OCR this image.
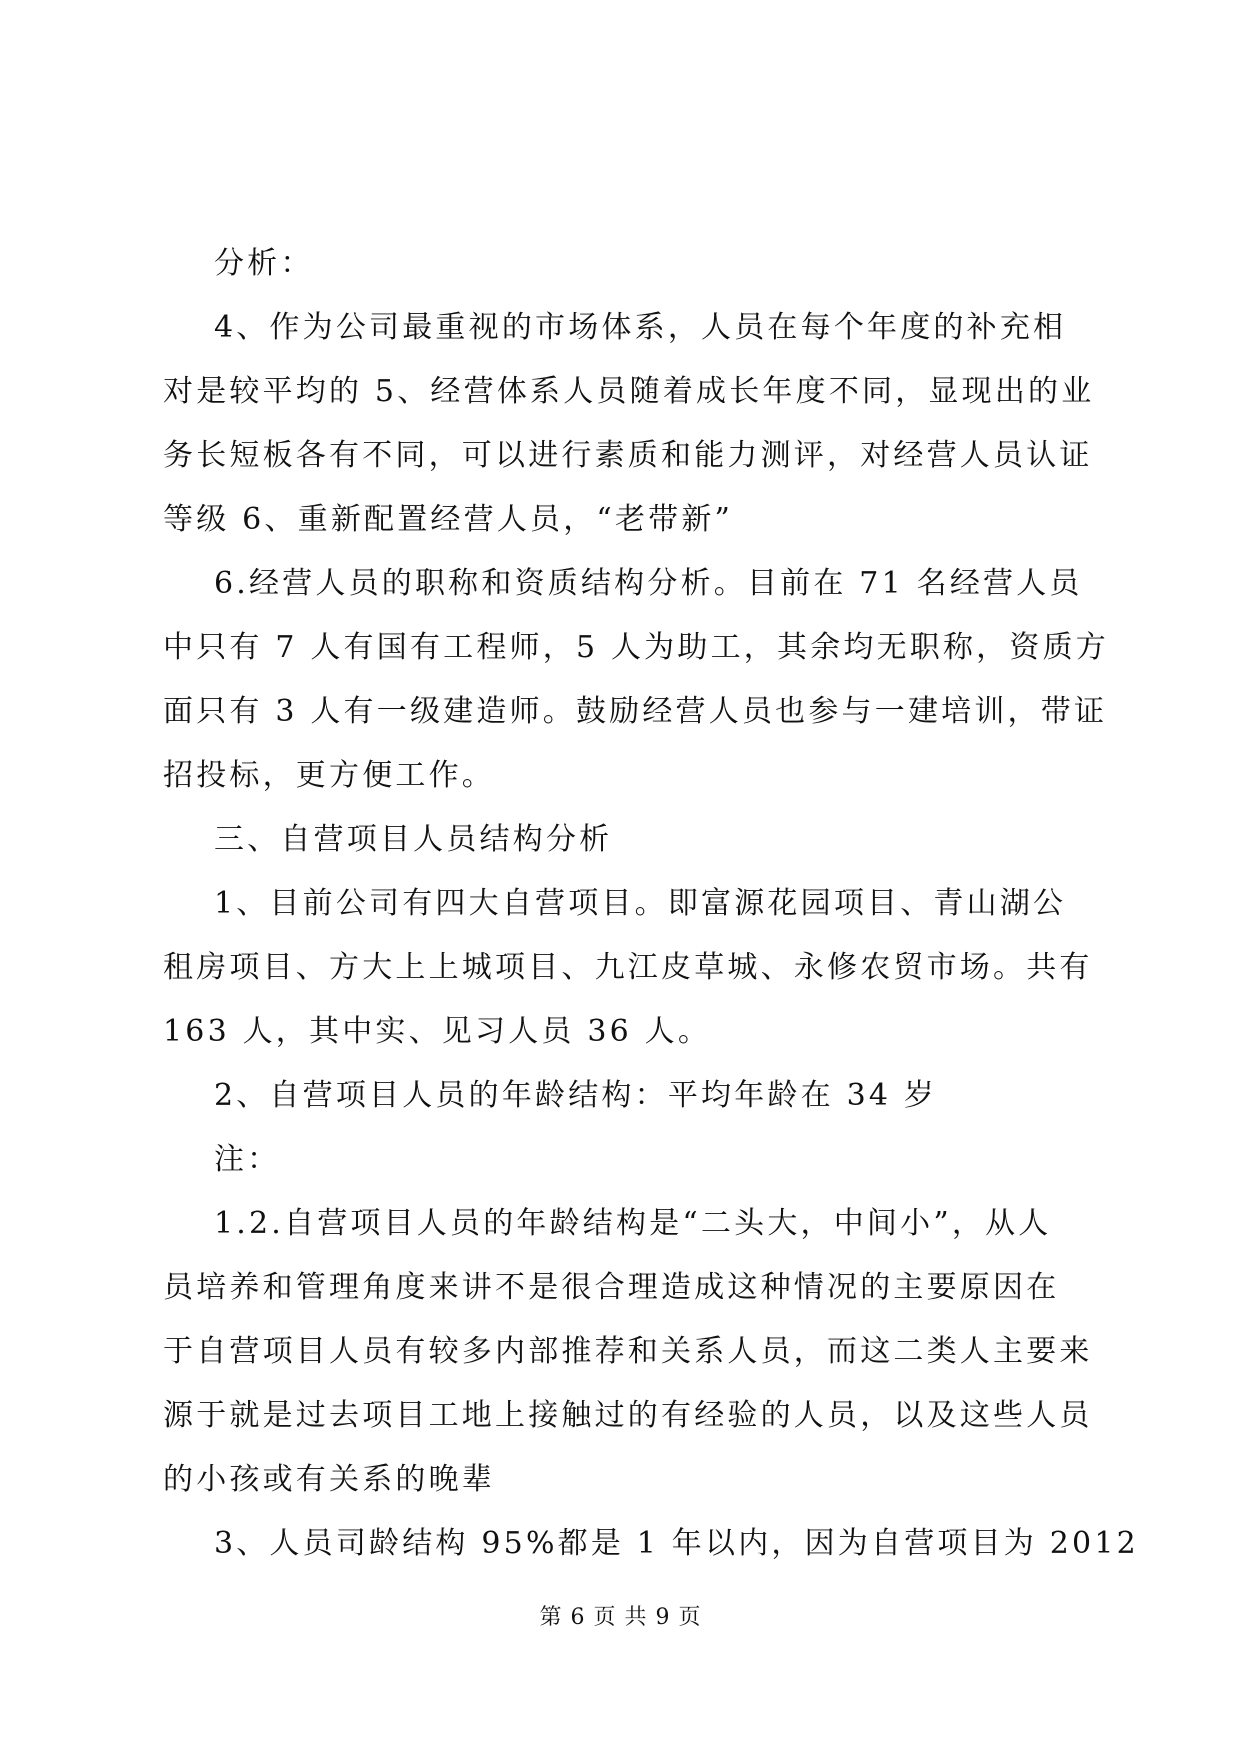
分析：
4、作为公司最重视的市场体系，人员在每个年度的补充相
对是较平均的 5、经营体系人员随着成长年度不同，显现出的业
务长短板各有不同，可以进行素质和能力测评，对经营人员认证
等级 6、重新配置经营人员，“老带新”
6.经营人员的职称和资质结构分析。目前在 71 名经营人员
中只有 7 人有国有工程师，5 人为助工，其余均无职称，资质方
面只有 3 人有一级建造师。鼓励经营人员也参与一建培训，带证
招投标，更方便工作。
三、自营项目人员结构分析
1、目前公司有四大自营项目。即富源花园项目、青山湖公
租房项目、方大上上城项目、九江皮草城、永修农贸市场。共有
163 人，其中实、见习人员 36 人。
2、自营项目人员的年龄结构：平均年龄在 34 岁
注：
1.2.自营项目人员的年龄结构是“二头大，中间小”，从人
员培养和管理角度来讲不是很合理造成这种情况的主要原因在
于自营项目人员有较多内部推荐和关系人员，而这二类人主要来
源于就是过去项目工地上接触过的有经验的人员，以及这些人员
的小孩或有关系的晚辈
3、人员司龄结构 95%都是 1 年以内，因为自营项目为 2012
第 6 页 共 9 页
